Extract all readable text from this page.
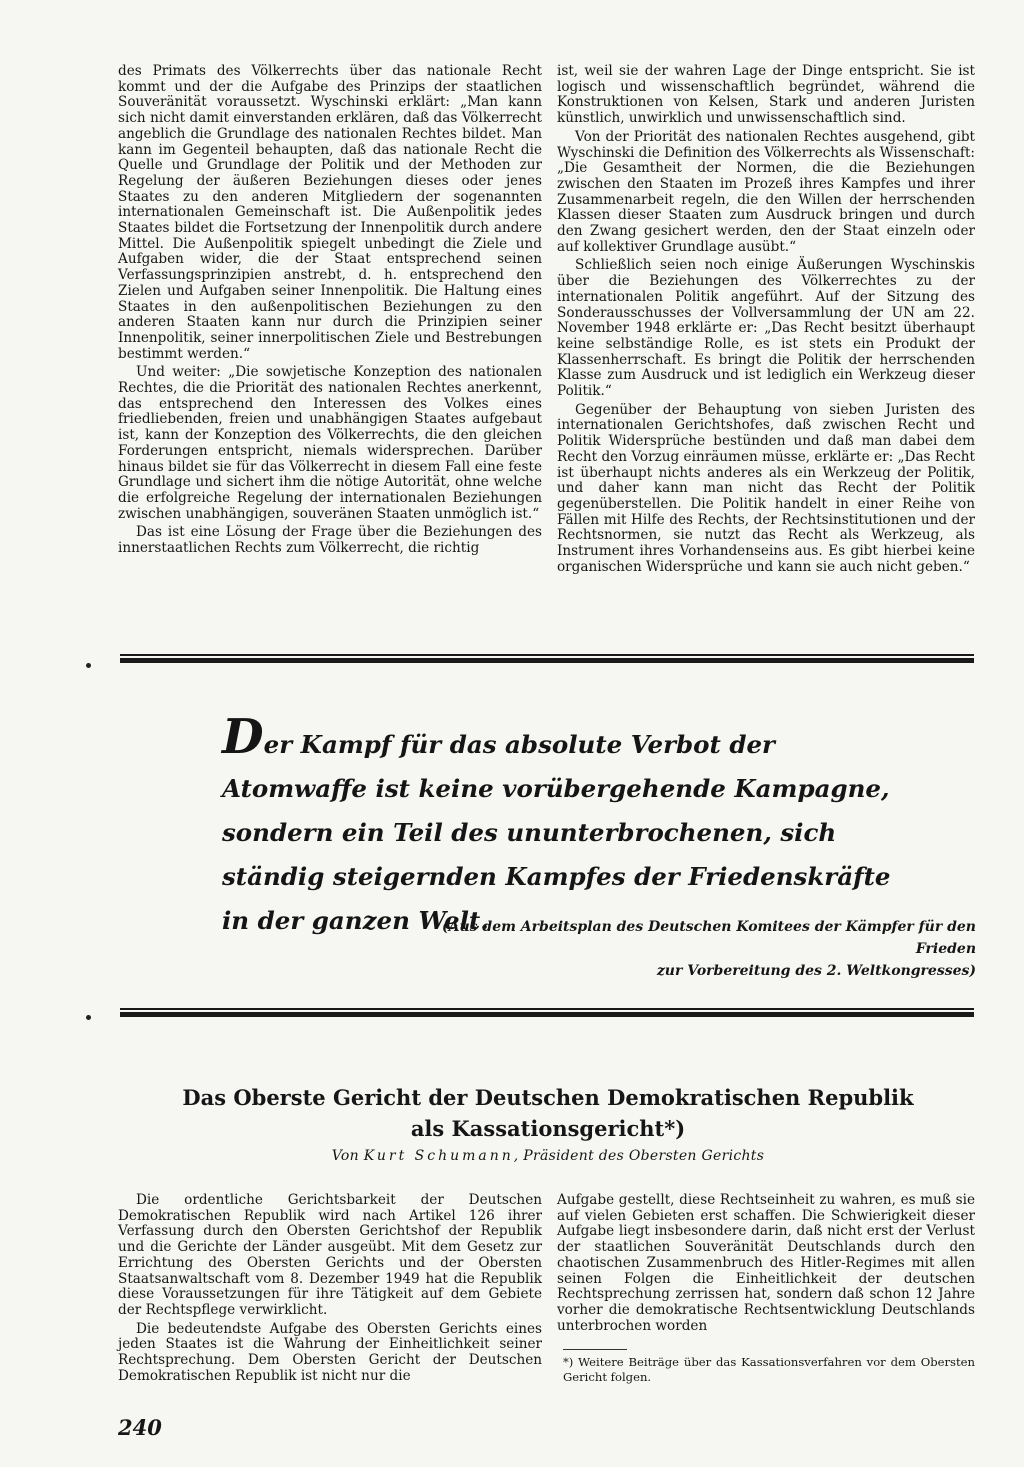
des Primats des Völkerrechts über das nationale Recht kommt und der die Aufgabe des Prinzips der staatlichen Souveränität voraussetzt. Wyschinski erklärt: „Man kann sich nicht damit einverstanden erklären, daß das Völkerrecht angeblich die Grundlage des nationalen Rechtes bildet. Man kann im Gegenteil behaupten, daß das nationale Recht die Quelle und Grundlage der Politik und der Methoden zur Regelung der äußeren Beziehungen dieses oder jenes Staates zu den anderen Mitgliedern der sogenannten internationalen Gemeinschaft ist. Die Außenpolitik jedes Staates bildet die Fortsetzung der Innenpolitik durch andere Mittel. Die Außenpolitik spiegelt unbedingt die Ziele und Aufgaben wider, die der Staat entsprechend seinen Verfassungsprinzipien anstrebt, d. h. entsprechend den Zielen und Aufgaben seiner Innenpolitik. Die Haltung eines Staates in den außenpolitischen Beziehungen zu den anderen Staaten kann nur durch die Prinzipien seiner Innenpolitik, seiner innerpolitischen Ziele und Bestrebungen bestimmt werden.“

Und weiter: „Die sowjetische Konzeption des nationalen Rechtes, die die Priorität des nationalen Rechtes anerkennt, das entsprechend den Interessen des Volkes eines friedliebenden, freien und unabhängigen Staates aufgebaut ist, kann der Konzeption des Völkerrechts, die den gleichen Forderungen entspricht, niemals widersprechen. Darüber hinaus bildet sie für das Völkerrecht in diesem Fall eine feste Grundlage und sichert ihm die nötige Autorität, ohne welche die erfolgreiche Regelung der internationalen Beziehungen zwischen unabhängigen, souveränen Staaten unmöglich ist.“

Das ist eine Lösung der Frage über die Beziehungen des innerstaatlichen Rechts zum Völkerrecht, die richtig

ist, weil sie der wahren Lage der Dinge entspricht. Sie ist logisch und wissenschaftlich begründet, während die Konstruktionen von Kelsen, Stark und anderen Juristen künstlich, unwirklich und unwissenschaftlich sind.

Von der Priorität des nationalen Rechtes ausgehend, gibt Wyschinski die Definition des Völkerrechts als Wissenschaft: „Die Gesamtheit der Normen, die die Beziehungen zwischen den Staaten im Prozeß ihres Kampfes und ihrer Zusammenarbeit regeln, die den Willen der herrschenden Klassen dieser Staaten zum Ausdruck bringen und durch den Zwang gesichert werden, den der Staat einzeln oder auf kollektiver Grundlage ausübt.“

Schließlich seien noch einige Äußerungen Wyschinskis über die Beziehungen des Völkerrechtes zu der internationalen Politik angeführt. Auf der Sitzung des Sonderausschusses der Vollversammlung der UN am 22. November 1948 erklärte er: „Das Recht besitzt überhaupt keine selbständige Rolle, es ist stets ein Produkt der Klassenherrschaft. Es bringt die Politik der herrschenden Klasse zum Ausdruck und ist lediglich ein Werkzeug dieser Politik.“

Gegenüber der Behauptung von sieben Juristen des internationalen Gerichtshofes, daß zwischen Recht und Politik Widersprüche bestünden und daß man dabei dem Recht den Vorzug einräumen müsse, erklärte er: „Das Recht ist überhaupt nichts anderes als ein Werkzeug der Politik, und daher kann man nicht das Recht der Politik gegenüberstellen. Die Politik handelt in einer Reihe von Fällen mit Hilfe des Rechts, der Rechtsinstitutionen und der Rechtsnormen, sie nutzt das Recht als Werkzeug, als Instrument ihres Vorhandenseins aus. Es gibt hierbei keine organischen Widersprüche und kann sie auch nicht geben.“

Der Kampf für das absolute Verbot der Atomwaffe ist keine vorübergehende Kampagne, sondern ein Teil des ununterbrochenen, sich ständig steigernden Kampfes der Friedenskräfte in der ganzen Welt.
(Aus dem Arbeitsplan des Deutschen Komitees der Kämpfer für den Frieden
zur Vorbereitung des 2. Weltkongresses)
Das Oberste Gericht der Deutschen Demokratischen Republik
als Kassationsgericht*)
Von Kurt Schumann, Präsident des Obersten Gerichts

Die ordentliche Gerichtsbarkeit der Deutschen Demokratischen Republik wird nach Artikel 126 ihrer Verfassung durch den Obersten Gerichtshof der Republik und die Gerichte der Länder ausgeübt. Mit dem Gesetz zur Errichtung des Obersten Gerichts und der Obersten Staatsanwaltschaft vom 8. Dezember 1949 hat die Republik diese Voraussetzungen für ihre Tätigkeit auf dem Gebiete der Rechtspflege verwirklicht.

Die bedeutendste Aufgabe des Obersten Gerichts eines jeden Staates ist die Wahrung der Einheitlichkeit seiner Rechtsprechung. Dem Obersten Gericht der Deutschen Demokratischen Republik ist nicht nur die

Aufgabe gestellt, diese Rechtseinheit zu wahren, es muß sie auf vielen Gebieten erst schaffen. Die Schwierigkeit dieser Aufgabe liegt insbesondere darin, daß nicht erst der Verlust der staatlichen Souveränität Deutschlands durch den chaotischen Zusammenbruch des Hitler-Regimes mit allen seinen Folgen die Einheitlichkeit der deutschen Rechtsprechung zerrissen hat, sondern daß schon 12 Jahre vorher die demokratische Rechtsentwicklung Deutschlands unterbrochen worden

*) Weitere Beiträge über das Kassationsverfahren vor dem Obersten Gericht folgen.
240
